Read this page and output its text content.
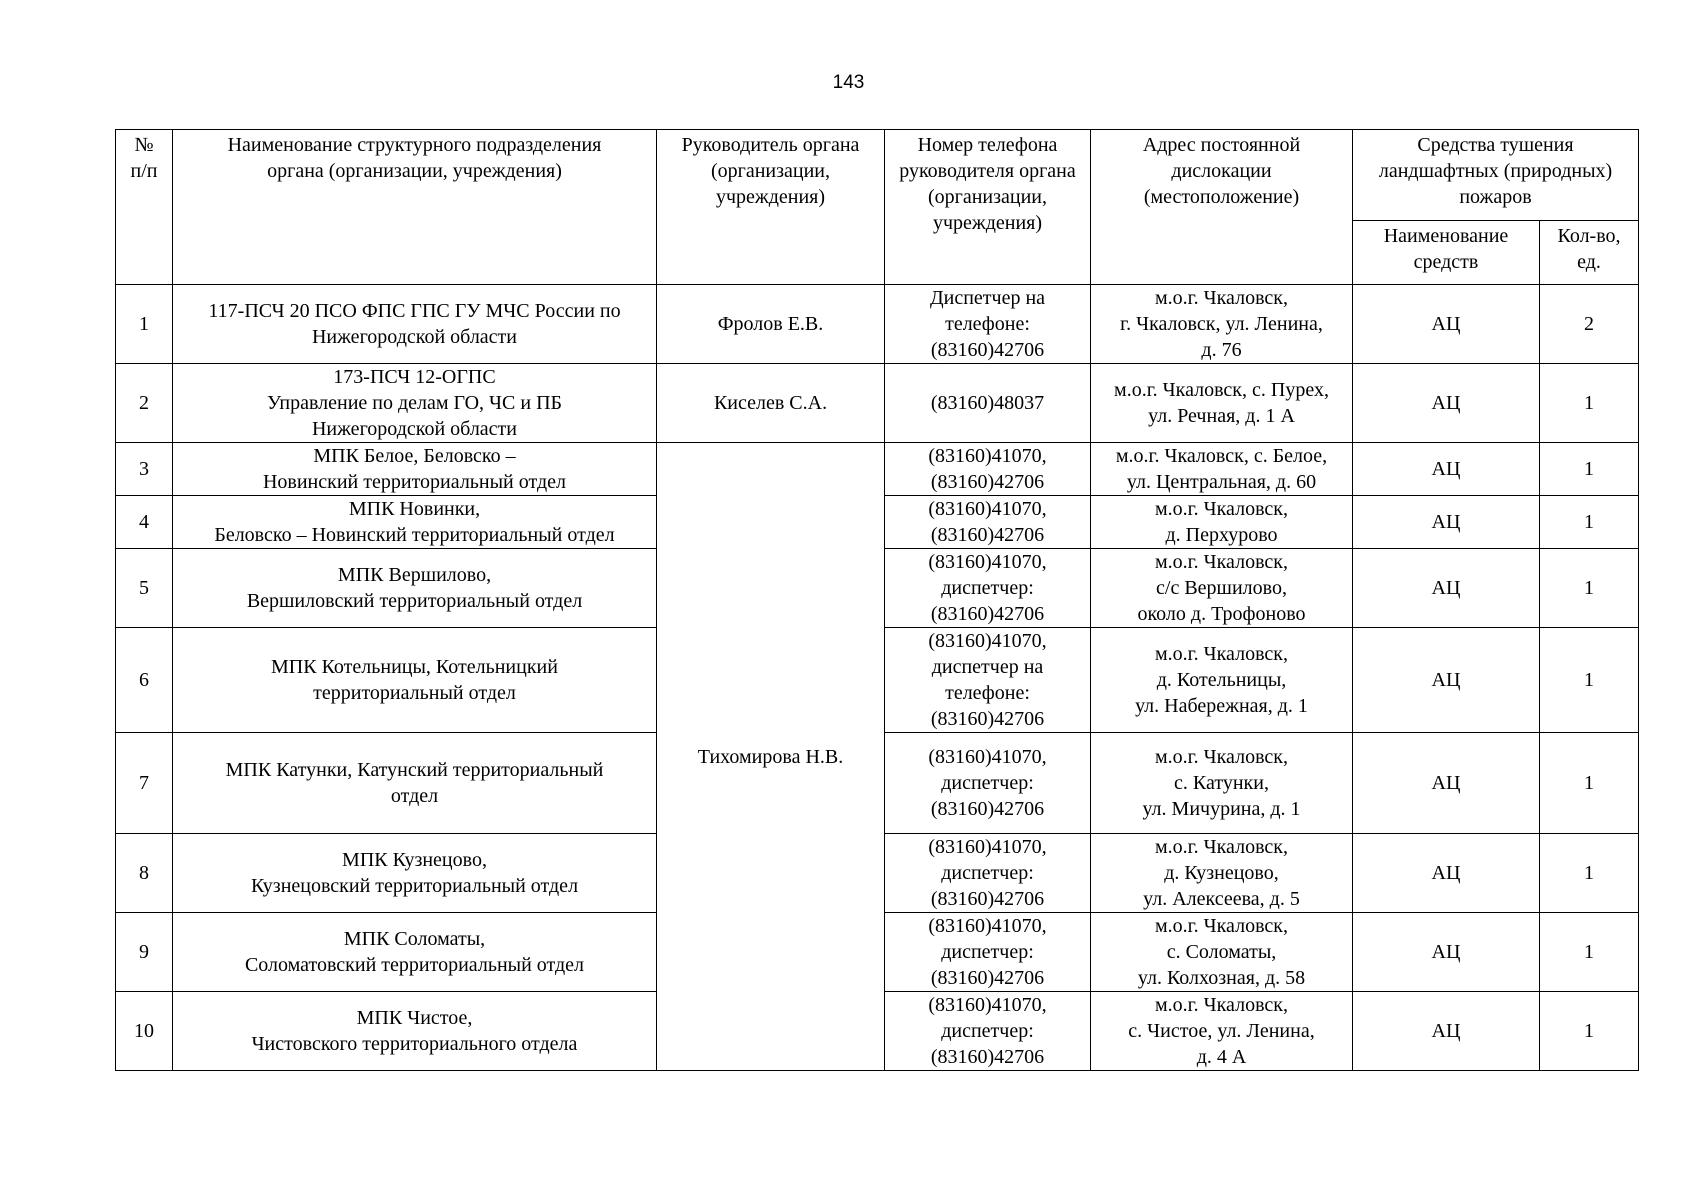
143
№
п/п	Наименование структурного подразделения
органа (организации, учреждения)	Руководитель органа
(организации,
учреждения)	Номер телефона
руководителя органа
(организации,
учреждения)	Адрес постоянной
дислокации
(местоположение)	Средства тушения
ландшафтных (природных)
пожаров	
					Наименование
средств	Кол-во,
ед.
1	117-ПСЧ 20 ПСО ФПС ГПС ГУ МЧС России по
Нижегородской области	Фролов Е.В.	Диспетчер на
телефоне:
(83160)42706	м.о.г. Чкаловск,
г. Чкаловск, ул. Ленина,
д. 76	АЦ	2
2	173-ПСЧ 12-ОГПС
Управление по делам ГО, ЧС и ПБ
Нижегородской области	Киселев С.А.	(83160)48037	м.о.г. Чкаловск, с. Пурех,
ул. Речная, д. 1 А	АЦ	1
3	МПК Белое, Беловско –
Новинский территориальный отдел	Тихомирова Н.В.	(83160)41070,
(83160)42706	м.о.г. Чкаловск, с. Белое,
ул. Центральная, д. 60	АЦ	1
4	МПК Новинки,
Беловско – Новинский территориальный отдел		(83160)41070,
(83160)42706	м.о.г. Чкаловск,
д. Перхурово	АЦ	1
5	МПК Вершилово,
Вершиловский территориальный отдел		(83160)41070,
диспетчер:
(83160)42706	м.о.г. Чкаловск,
с/с Вершилово,
около д. Трофоново	АЦ	1
6	МПК Котельницы, Котельницкий
территориальный отдел		(83160)41070,
диспетчер на
телефоне:
(83160)42706	м.о.г. Чкаловск,
д. Котельницы,
ул. Набережная, д. 1	АЦ	1
7	МПК Катунки, Катунский территориальный
отдел		(83160)41070,
диспетчер:
(83160)42706	м.о.г. Чкаловск,
с. Катунки,
ул. Мичурина, д. 1	АЦ	1
8	МПК Кузнецово,
Кузнецовский территориальный отдел		(83160)41070,
диспетчер:
(83160)42706	м.о.г. Чкаловск,
д. Кузнецово,
ул. Алексеева, д. 5	АЦ	1
9	МПК Соломаты,
Соломатовский территориальный отдел		(83160)41070,
диспетчер:
(83160)42706	м.о.г. Чкаловск,
с. Соломаты,
ул. Колхозная, д. 58	АЦ	1
10	МПК Чистое,
Чистовского территориального отдела		(83160)41070,
диспетчер:
(83160)42706	м.о.г. Чкаловск,
с. Чистое, ул. Ленина,
д. 4 А	АЦ	1
